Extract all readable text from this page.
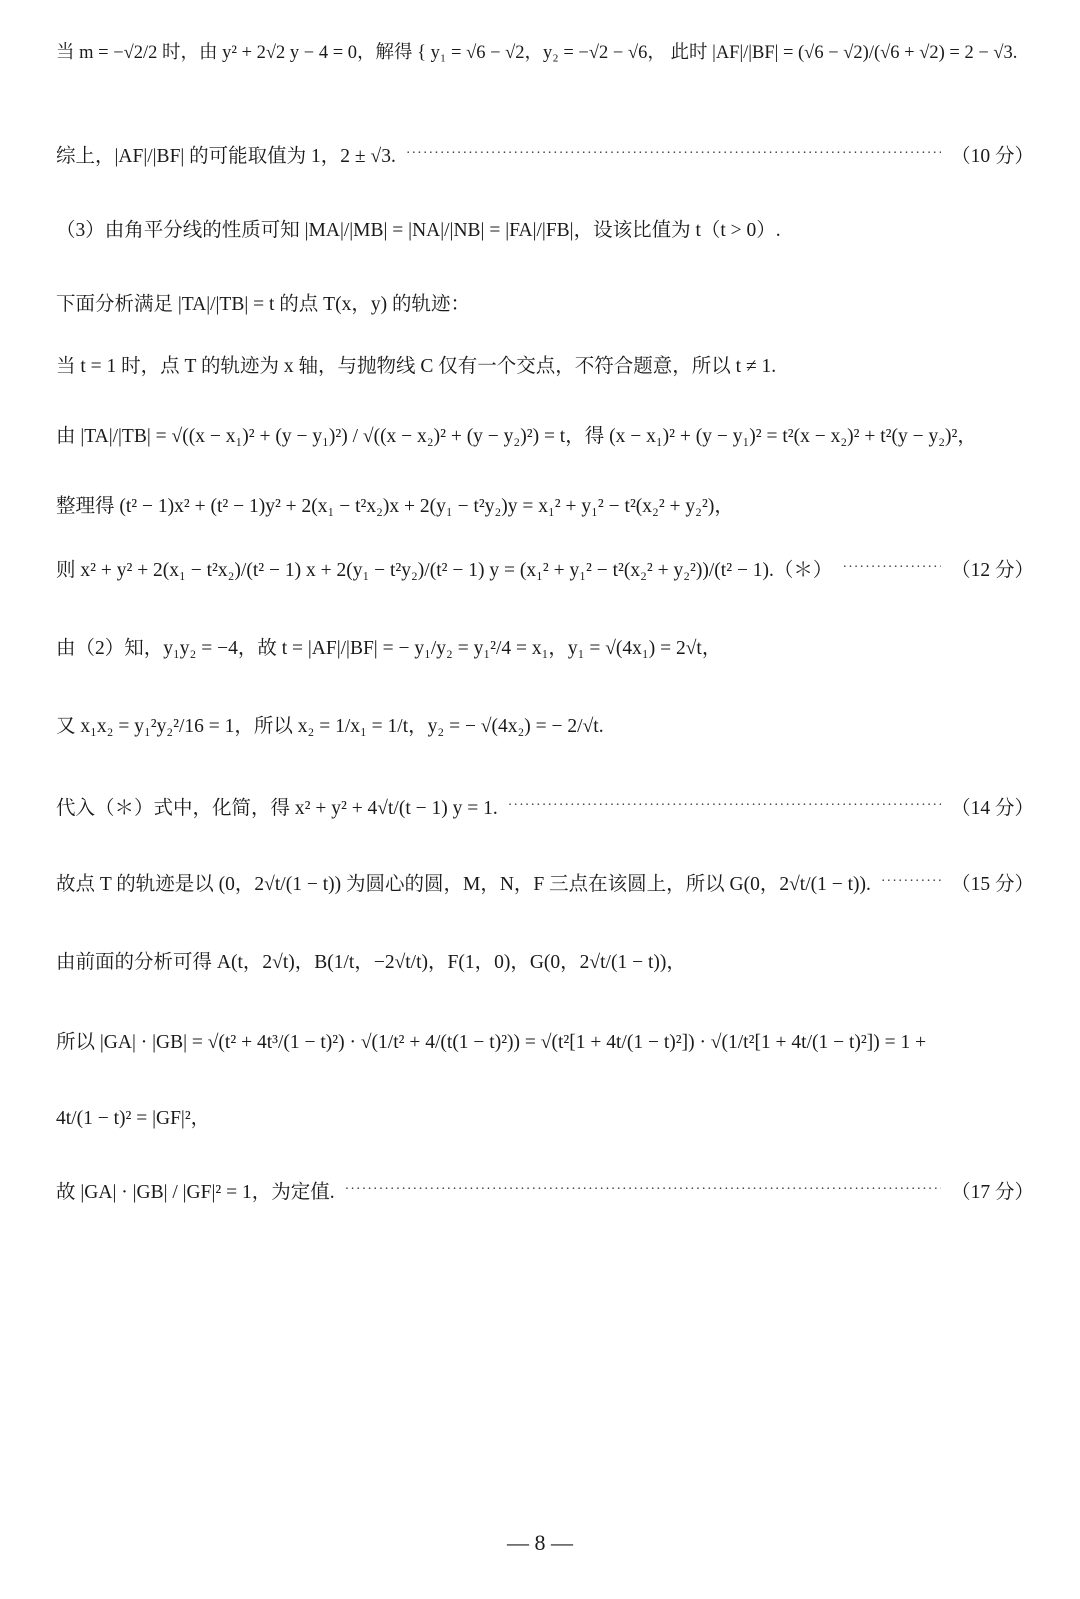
当 m = −√2/2 时，由 y² + 2√2 y − 4 = 0，解得 { y₁ = √6 − √2，y₂ = −√2 − √6， 此时 |AF|/|BF| = (√6 − √2)/(√6 + √2) = 2 − √3.
综上，|AF|/|BF| 的可能取值为 1，2 ± √3. ·····	（10 分）
（3）由角平分线的性质可知 |MA|/|MB| = |NA|/|NB| = |FA|/|FB|，设该比值为 t（t > 0）.
下面分析满足 |TA|/|TB| = t 的点 T(x，y) 的轨迹：
当 t = 1 时，点 T 的轨迹为 x 轴，与抛物线 C 仅有一个交点，不符合题意，所以 t ≠ 1.
由 |TA|/|TB| = √((x − x₁)² + (y − y₁)²) / √((x − x₂)² + (y − y₂)²) = t，得 (x − x₁)² + (y − y₁)² = t²(x − x₂)² + t²(y − y₂)²，
整理得 (t² − 1)x² + (t² − 1)y² + 2(x₁ − t²x₂)x + 2(y₁ − t²y₂)y = x₁² + y₁² − t²(x₂² + y₂²)，
则 x² + y² + 2(x₁ − t²x₂)/(t² − 1) x + 2(y₁ − t²y₂)/(t² − 1) y = (x₁² + y₁² − t²(x₂² + y₂²))/(t² − 1).（＊） ·····	（12 分）
由（2）知，y₁y₂ = −4，故 t = |AF|/|BF| = − y₁/y₂ = y₁²/4 = x₁，y₁ = √(4x₁) = 2√t，
又 x₁x₂ = y₁²y₂²/16 = 1，所以 x₂ = 1/x₁ = 1/t，y₂ = − √(4x₂) = − 2/√t.
代入（＊）式中，化简，得 x² + y² + 4√t/(t − 1) y = 1. ·····	（14 分）
故点 T 的轨迹是以 (0，2√t/(1 − t)) 为圆心的圆，M，N，F 三点在该圆上，所以 G(0，2√t/(1 − t)). ·····	（15 分）
由前面的分析可得 A(t，2√t)，B(1/t，−2√t/t)，F(1，0)，G(0，2√t/(1 − t))，
所以 |GA| · |GB| = √(t² + 4t³/(1 − t)²) · √(1/t² + 4/(t(1 − t)²)) = √(t²[1 + 4t/(1 − t)²]) · √(1/t²[1 + 4t/(1 − t)²]) = 1 +
4t/(1 − t)² = |GF|²，
故 |GA| · |GB| / |GF|² = 1，为定值. ·····	（17 分）
— 8 —
